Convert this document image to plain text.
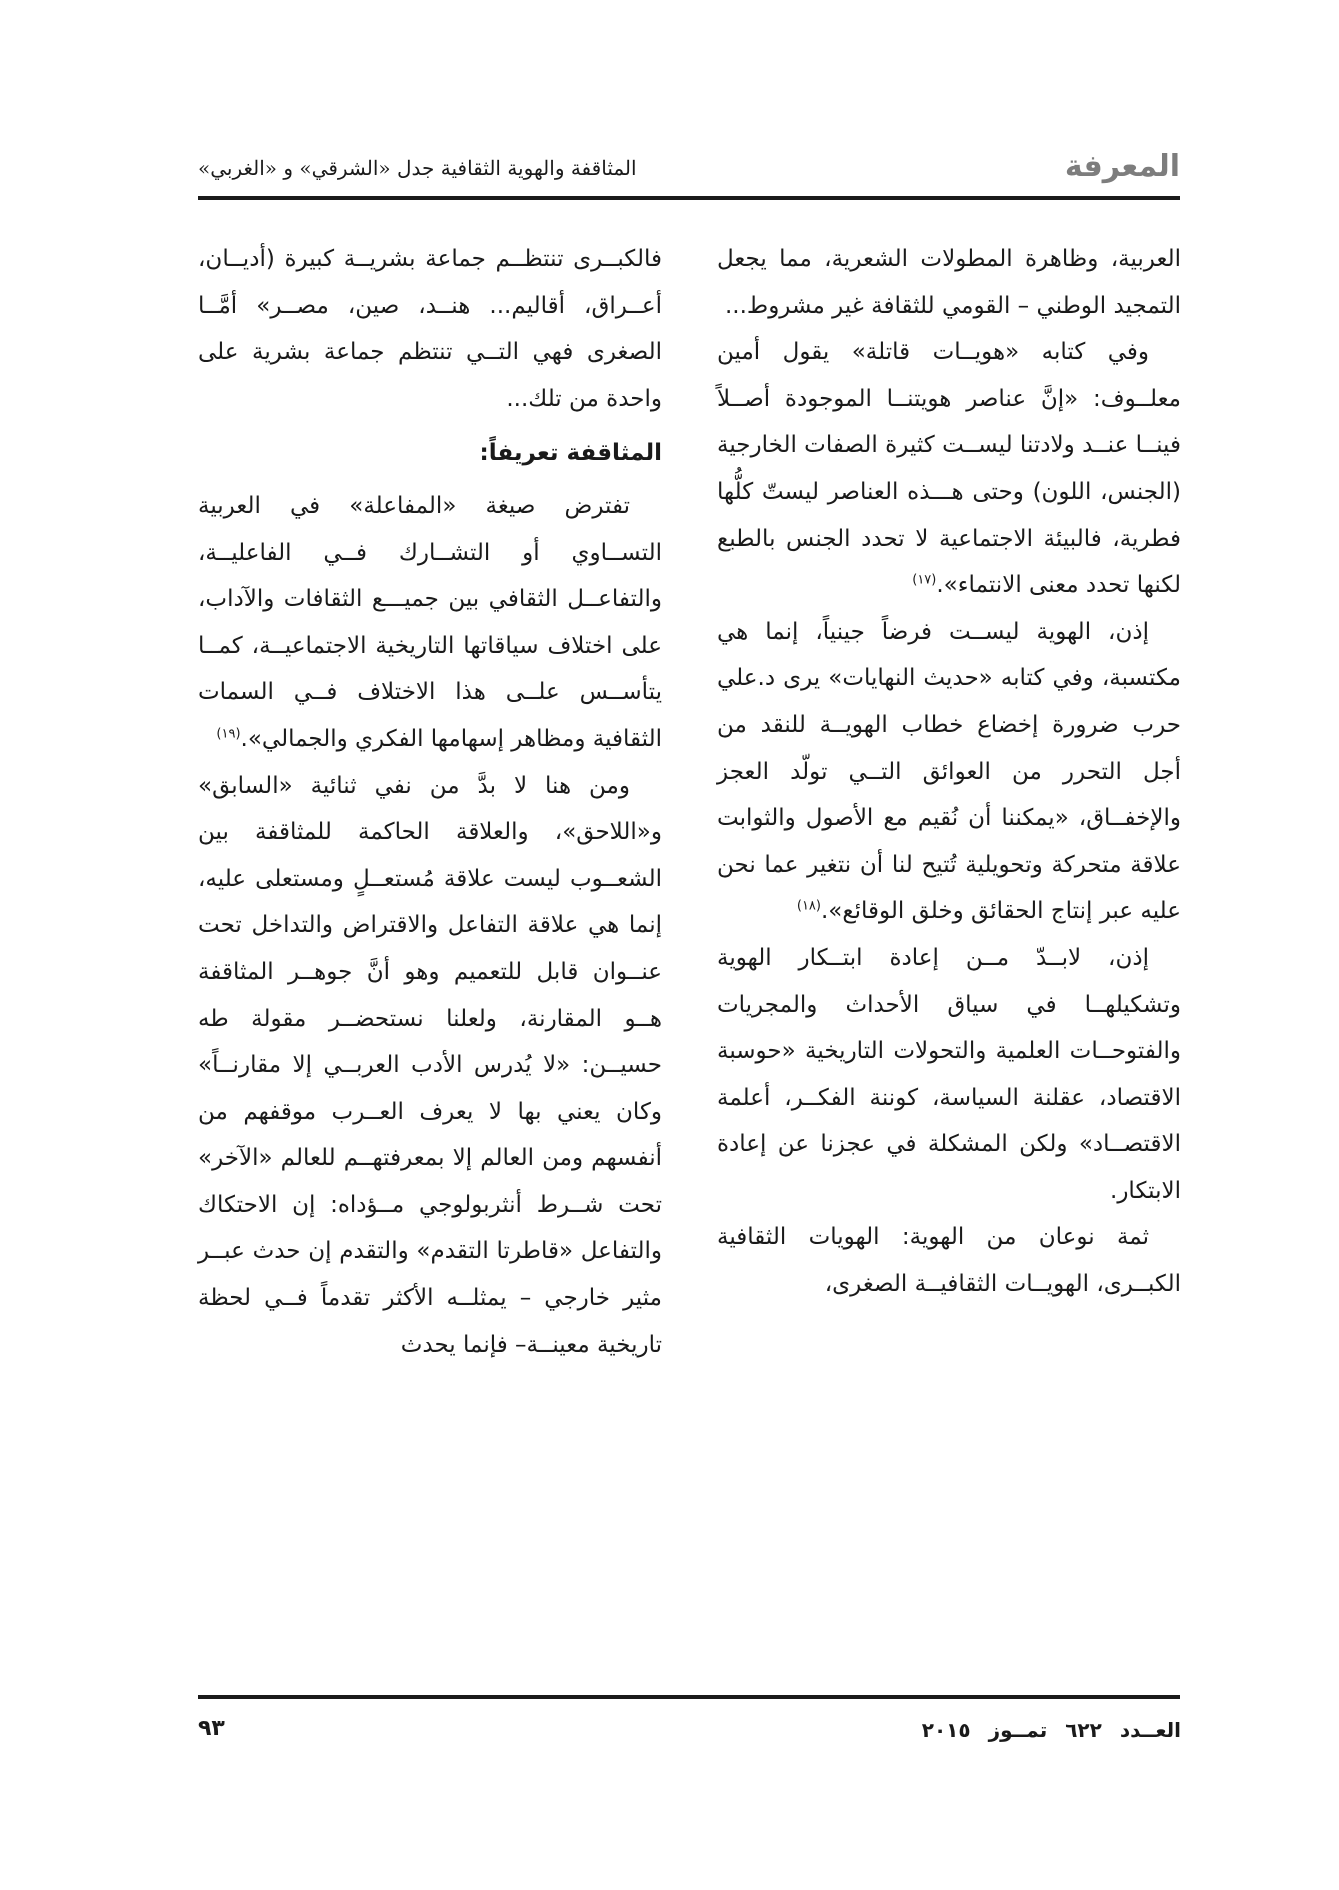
المعرفة
المثاقفة والهوية الثقافية جدل «الشرقي» و «الغربي»

العربية، وظاهرة المطولات الشعرية، مما يجعل التمجيد الوطني – القومي للثقافة غير مشروط...

وفي كتابه «هويــات قاتلة» يقول أمين معلــوف: «إنَّ عناصر هويتنــا الموجودة أصــلاً فينــا عنــد ولادتنا ليســت كثيرة الصفات الخارجية (الجنس، اللون) وحتى هـــذه العناصر ليستّ كلُّها فطرية، فالبيئة الاجتماعية لا تحدد الجنس بالطبع لكنها تحدد معنى الانتماء».$^{(١٧)}$

إذن، الهوية ليســت فرضاً جينياً، إنما هي مكتسبة، وفي كتابه «حديث النهايات» يرى د.علي حرب ضرورة إخضاع خطاب الهويــة للنقد من أجل التحرر من العوائق التــي تولّد العجز والإخفــاق، «يمكننا أن نُقيم مع الأصول والثوابت علاقة متحركة وتحويلية تُتيح لنا أن نتغير عما نحن عليه عبر إنتاج الحقائق وخلق الوقائع».$^{(١٨)}$

إذن، لابــدّ مــن إعادة ابتــكار الهوية وتشكيلهــا في سياق الأحداث والمجريات والفتوحــات العلمية والتحولات التاريخية «حوسبة الاقتصاد، عقلنة السياسة، كوننة الفكــر، أعلمة الاقتصــاد» ولكن المشكلة في عجزنا عن إعادة الابتكار.

ثمة نوعان من الهوية: الهويات الثقافية الكبــرى، الهويــات الثقافيــة الصغرى،

فالكبــرى تنتظــم جماعة بشريــة كبيرة (أديــان، أعــراق، أقاليم... هنــد، صين، مصــر» أمَّــا الصغرى فهي التــي تنتظم جماعة بشرية على واحدة من تلك...

المثاقفة تعريفاً:

تفترض صيغة «المفاعلة» في العربية التســاوي أو التشــارك فــي الفاعليــة، والتفاعــل الثقافي بين جميـــع الثقافات والآداب، على اختلاف سياقاتها التاريخية الاجتماعيــة، كمــا يتأســس علــى هذا الاختلاف فــي السمات الثقافية ومظاهر إسهامها الفكري والجمالي».$^{(١٩)}$

ومن هنا لا بدَّ من نفي ثنائية «السابق» و«اللاحق»، والعلاقة الحاكمة للمثاقفة بين الشعــوب ليست علاقة مُستعــلٍ ومستعلى عليه، إنما هي علاقة التفاعل والاقتراض والتداخل تحت عنــوان قابل للتعميم وهو أنَّ جوهــر المثاقفة هــو المقارنة، ولعلنا نستحضــر مقولة طه حسيــن: «لا يُدرس الأدب العربــي إلا مقارنــاً» وكان يعني بها لا يعرف العــرب موقفهم من أنفسهم ومن العالم إلا بمعرفتهــم للعالم «الآخر» تحت شــرط أنثربولوجي مــؤداه: إن الاحتكاك والتفاعل «قاطرتا التقدم» والتقدم إن حدث عبــر مثير خارجي – يمثلــه الأكثر تقدماً فــي لحظة تاريخية معينــة– فإنما يحدث

العــدد٦٢٢تمــوز٢٠١٥
٩٣
